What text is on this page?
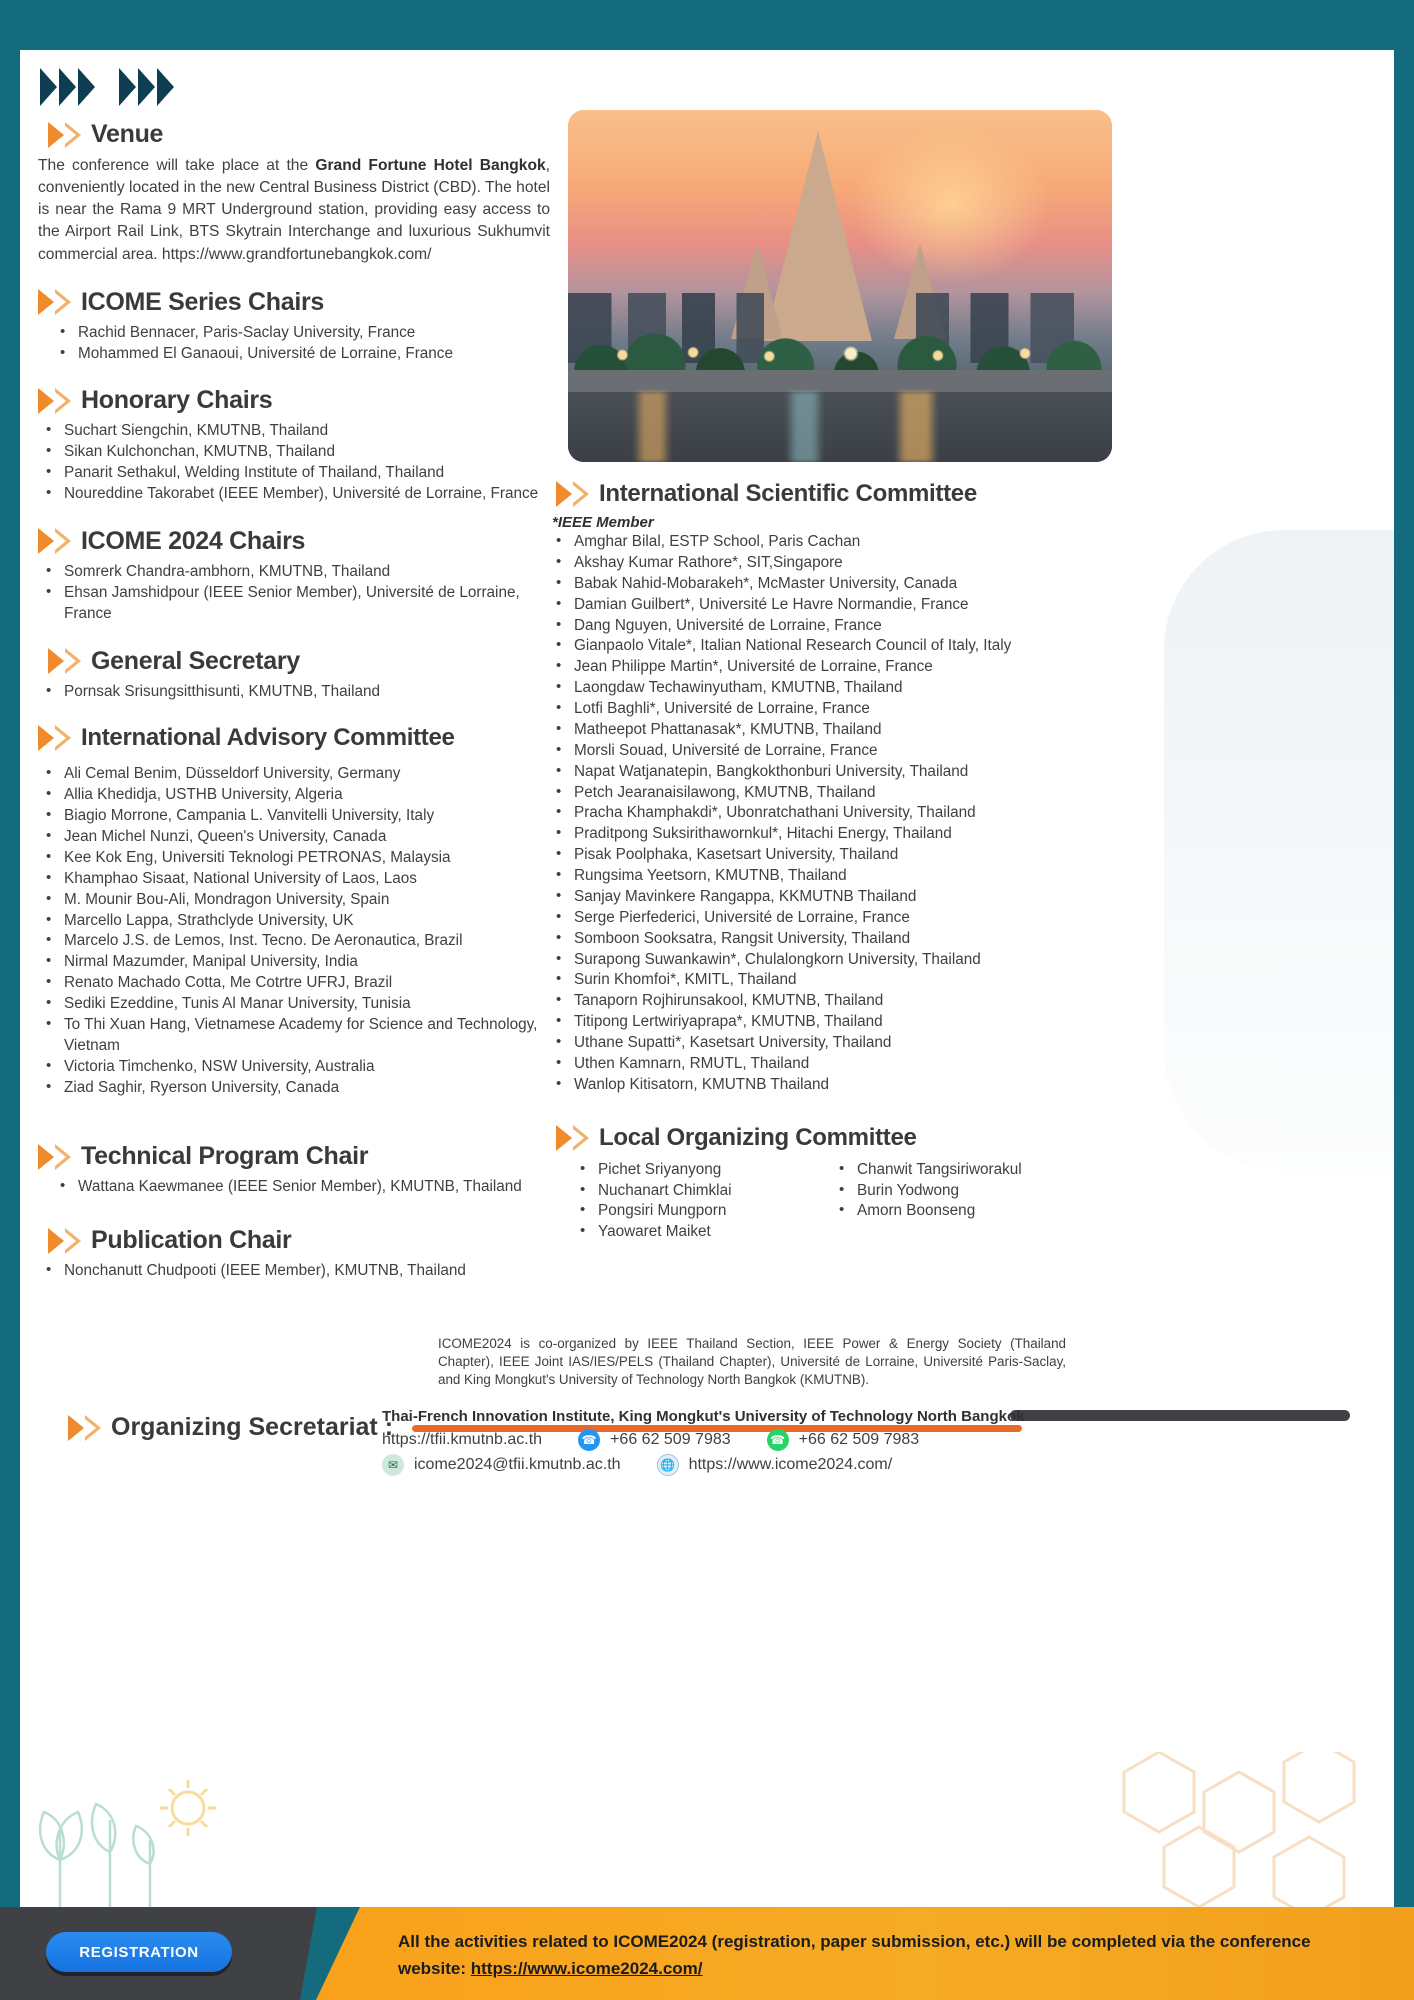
Venue

The conference will take place at the Grand Fortune Hotel Bangkok, conveniently located in the new Central Business District (CBD). The hotel is near the Rama 9 MRT Underground station, providing easy access to the Airport Rail Link, BTS Skytrain Interchange and luxurious Sukhumvit commercial area. https://www.grandfortunebangkok.com/

ICOME Series Chairs
• Rachid Bennacer, Paris-Saclay University, France
• Mohammed El Ganaoui, Université de Lorraine, France
Honorary Chairs
• Suchart Siengchin, KMUTNB, Thailand
• Sikan Kulchonchan, KMUTNB, Thailand
• Panarit Sethakul, Welding Institute of Thailand, Thailand
• Noureddine Takorabet (IEEE Member), Université de Lorraine, France
ICOME 2024 Chairs
• Somrerk Chandra-ambhorn, KMUTNB, Thailand
• Ehsan Jamshidpour (IEEE Senior Member), Université de Lorraine, France
General Secretary
• Pornsak Srisungsitthisunti, KMUTNB, Thailand
International Advisory Committee
• Ali Cemal Benim, Düsseldorf University, Germany
• Allia Khedidja, USTHB University, Algeria
• Biagio Morrone, Campania L. Vanvitelli University, Italy
• Jean Michel Nunzi, Queen's University, Canada
• Kee Kok Eng, Universiti Teknologi PETRONAS, Malaysia
• Khamphao Sisaat, National University of Laos, Laos
• M. Mounir Bou-Ali, Mondragon University, Spain
• Marcello Lappa, Strathclyde University, UK
• Marcelo J.S. de Lemos, Inst. Tecno. De Aeronautica, Brazil
• Nirmal Mazumder, Manipal University, India
• Renato Machado Cotta, Me Cotrtre UFRJ, Brazil
• Sediki Ezeddine, Tunis Al Manar University, Tunisia
• To Thi Xuan Hang, Vietnamese Academy for Science and Technology, Vietnam
• Victoria Timchenko, NSW University, Australia
• Ziad Saghir, Ryerson University, Canada
Technical Program Chair
• Wattana Kaewmanee (IEEE Senior Member), KMUTNB, Thailand
Publication Chair
• Nonchanutt Chudpooti (IEEE Member), KMUTNB, Thailand
International Scientific Committee
*IEEE Member
• Amghar Bilal, ESTP School, Paris Cachan
• Akshay Kumar Rathore*, SIT,Singapore
• Babak Nahid-Mobarakeh*, McMaster University, Canada
• Damian Guilbert*, Université Le Havre Normandie, France
• Dang Nguyen, Université de Lorraine, France
• Gianpaolo Vitale*, Italian National Research Council of Italy, Italy
• Jean Philippe Martin*, Université de Lorraine, France
• Laongdaw Techawinyutham, KMUTNB, Thailand
• Lotfi Baghli*, Université de Lorraine, France
• Matheepot Phattanasak*, KMUTNB, Thailand
• Morsli Souad, Université de Lorraine, France
• Napat Watjanatepin, Bangkokthonburi University, Thailand
• Petch Jearanaisilawong, KMUTNB, Thailand
• Pracha Khamphakdi*, Ubonratchathani University, Thailand
• Praditpong Suksirithawornkul*, Hitachi Energy, Thailand
• Pisak Poolphaka, Kasetsart University, Thailand
• Rungsima Yeetsorn, KMUTNB, Thailand
• Sanjay Mavinkere Rangappa, KKMUTNB Thailand
• Serge Pierfederici, Université de Lorraine, France
• Somboon Sooksatra, Rangsit University, Thailand
• Surapong Suwankawin*, Chulalongkorn University, Thailand
• Surin Khomfoi*, KMITL, Thailand
• Tanaporn Rojhirunsakool, KMUTNB, Thailand
• Titipong Lertwiriyaprapa*, KMUTNB, Thailand
• Uthane Supatti*, Kasetsart University, Thailand
• Uthen Kamnarn, RMUTL, Thailand
• Wanlop Kitisatorn, KMUTNB Thailand
Local Organizing Committee
• Pichet Sriyanyong
• Nuchanart Chimklai
• Pongsiri Mungporn
• Yaowaret Maiket
• Chanwit Tangsiriworakul
• Burin Yodwong
• Amorn Boonseng
ICOME2024 is co-organized by IEEE Thailand Section, IEEE Power & Energy Society (Thailand Chapter), IEEE Joint IAS/IES/PELS (Thailand Chapter), Université de Lorraine, Université Paris-Saclay, and King Mongkut's University of Technology North Bangkok (KMUTNB).
Organizing Secretariat :
Thai-French Innovation Institute, King Mongkut's University of Technology North Bangkok
https://tfii.kmutnb.ac.th	☎ +66 62 509 7983	☎ +66 62 509 7983
✉ icome2024@tfii.kmutnb.ac.th	🌐 https://www.icome2024.com/
REGISTRATION
All the activities related to ICOME2024 (registration, paper submission, etc.) will be completed via the conference website: https://www.icome2024.com/
